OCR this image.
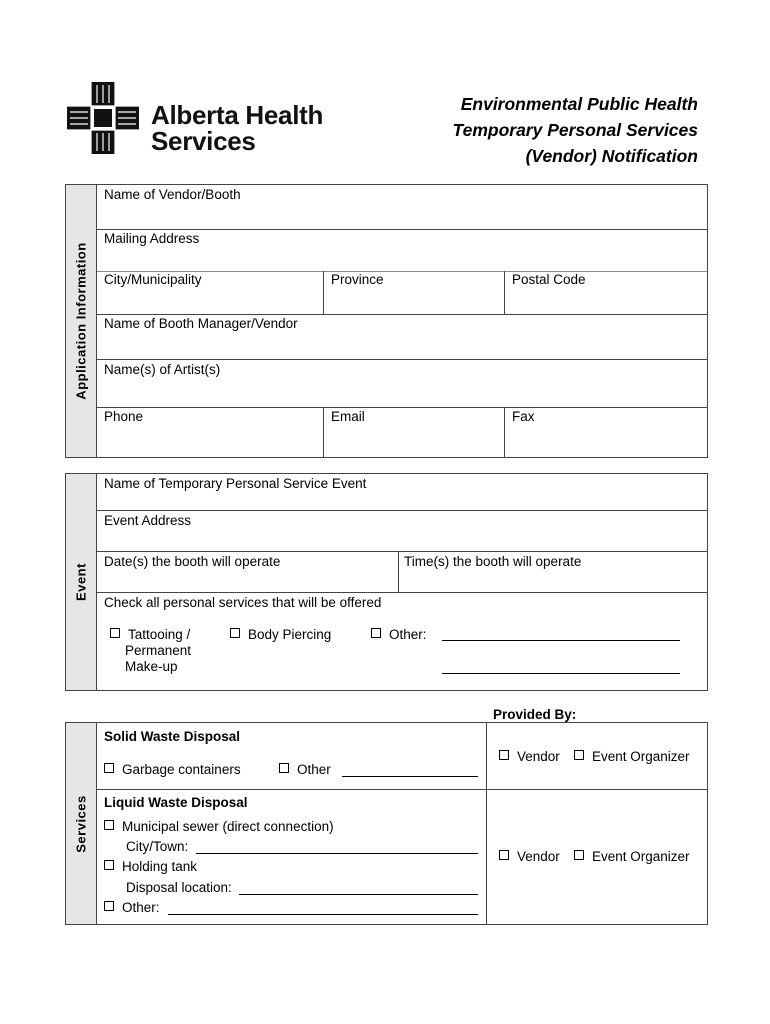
Alberta Health
Services
Environmental Public Health
Temporary Personal Services
(Vendor) Notification
Application Information
Name of Vendor/Booth
Mailing Address
City/Municipality	Province	Postal Code
Name of Booth Manager/Vendor
Name(s) of Artist(s)
Phone	Email	Fax
Event
Name of Temporary Personal Service Event
Event Address
Date(s) the booth will operate	Time(s) the booth will operate
Check all personal services that will be offered
Tattooing /
Permanent
Make-up
Body Piercing	Other:
Provided By:
Services
Solid Waste Disposal
Garbage containers	Other
Vendor	Event Organizer
Liquid Waste Disposal
Municipal sewer (direct connection)
City/Town:
Holding tank
Disposal location:
Other:
Vendor	Event Organizer
